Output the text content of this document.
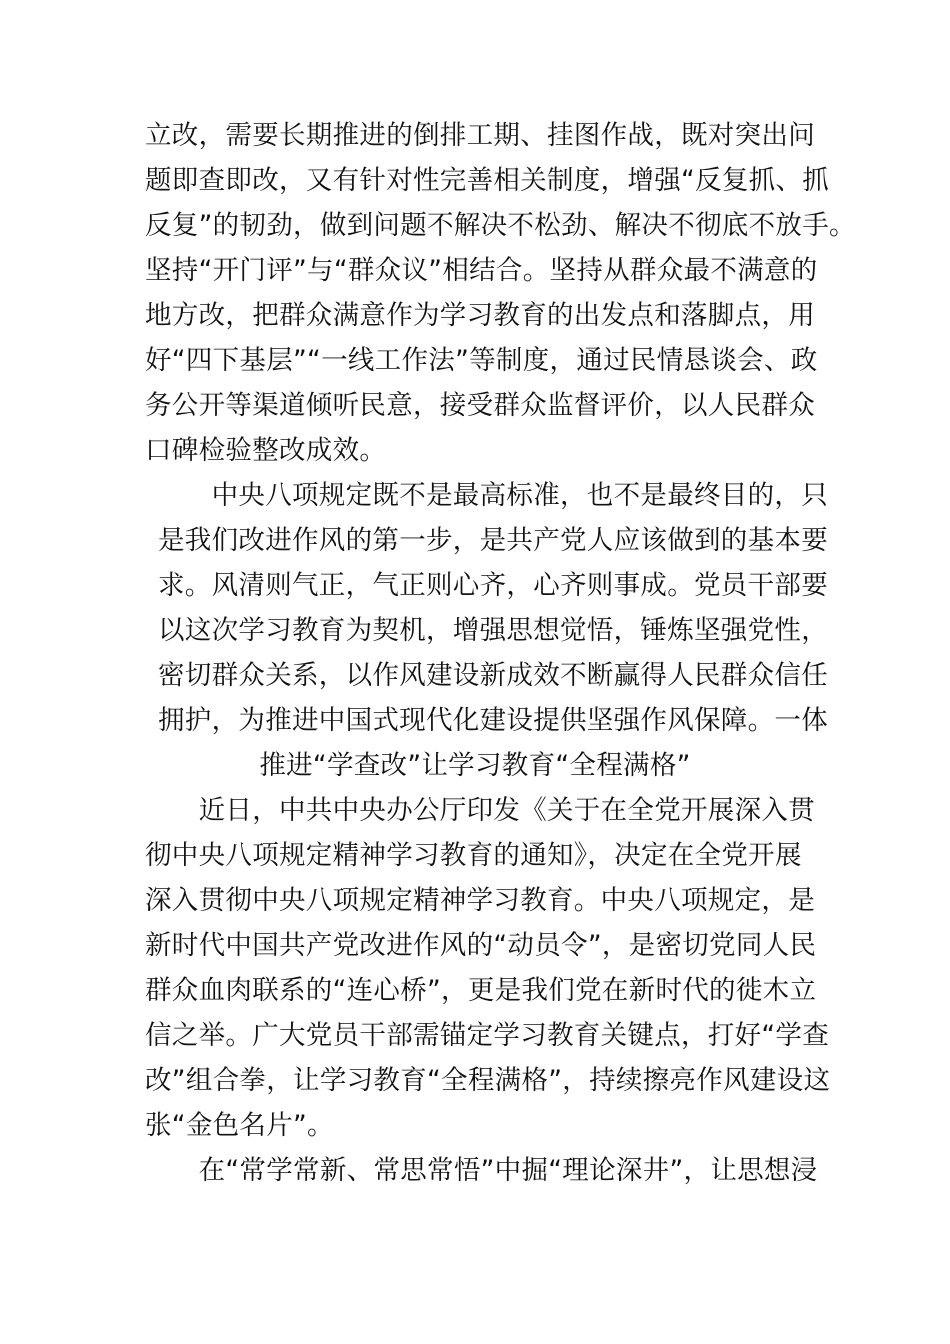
立改，需要长期推进的倒排工期、挂图作战，既对突出问
题即查即改，又有针对性完善相关制度，增强“反复抓、抓
反复”的韧劲，做到问题不解决不松劲、解决不彻底不放手。
坚持“开门评”与“群众议”相结合。坚持从群众最不满意的
地方改，把群众满意作为学习教育的出发点和落脚点，用
好“四下基层”“一线工作法”等制度，通过民情恳谈会、政
务公开等渠道倾听民意，接受群众监督评价，以人民群众
口碑检验整改成效。
　　中央八项规定既不是最高标准，也不是最终目的，只
是我们改进作风的第一步，是共产党人应该做到的基本要
求。风清则气正，气正则心齐，心齐则事成。党员干部要
以这次学习教育为契机，增强思想觉悟，锤炼坚强党性，
密切群众关系，以作风建设新成效不断赢得人民群众信任
拥护，为推进中国式现代化建设提供坚强作风保障。一体
推进“学查改”让学习教育“全程满格”
　　近日，中共中央办公厅印发《关于在全党开展深入贯
彻中央八项规定精神学习教育的通知》，决定在全党开展
深入贯彻中央八项规定精神学习教育。中央八项规定，是
新时代中国共产党改进作风的“动员令”，是密切党同人民
群众血肉联系的“连心桥”，更是我们党在新时代的徙木立
信之举。广大党员干部需锚定学习教育关键点，打好“学查
改”组合拳，让学习教育“全程满格”，持续擦亮作风建设这
张“金色名片”。
　　在“常学常新、常思常悟”中掘“理论深井”，让思想浸
